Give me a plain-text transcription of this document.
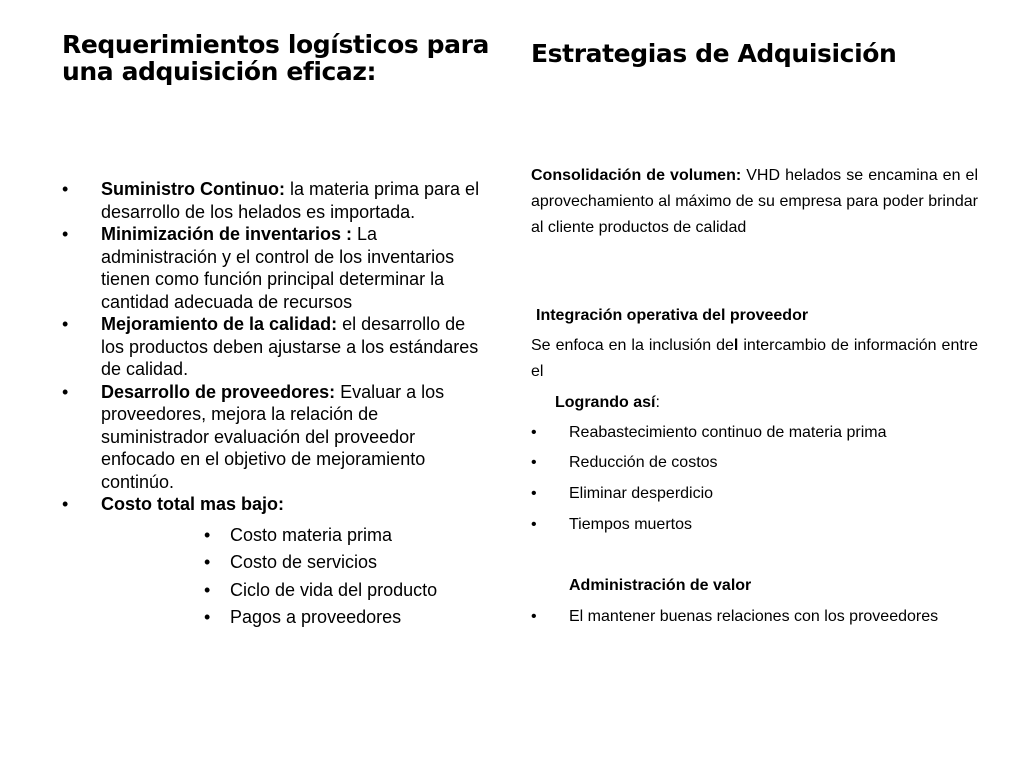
Requerimientos logísticos para una adquisición eficaz:
• Suministro Continuo: la materia prima para el desarrollo de los helados es importada.
• Minimización de inventarios : La administración y el control de los inventarios tienen como función principal determinar la cantidad adecuada de recursos
• Mejoramiento de la calidad: el desarrollo de los productos deben ajustarse a los estándares de calidad.
• Desarrollo de proveedores: Evaluar a los proveedores, mejora la relación de suministrador evaluación del proveedor enfocado en el objetivo de mejoramiento continúo.
• Costo total mas bajo:
• Costo materia prima
• Costo de servicios
• Ciclo de vida del producto
• Pagos a proveedores
Estrategias de Adquisición

Consolidación de volumen: VHD helados se encamina en el aprovechamiento al máximo de su empresa para poder brindar al cliente productos de calidad

Integración operativa del proveedor

Se enfoca en la inclusión del intercambio de información entre el

Lograndо así:

• Reabastecimiento continuo de materia prima
• Reducción de costos
• Eliminar desperdicio
• Tiempos muertos

Administración de valor

• El mantener buenas relaciones con los proveedores
